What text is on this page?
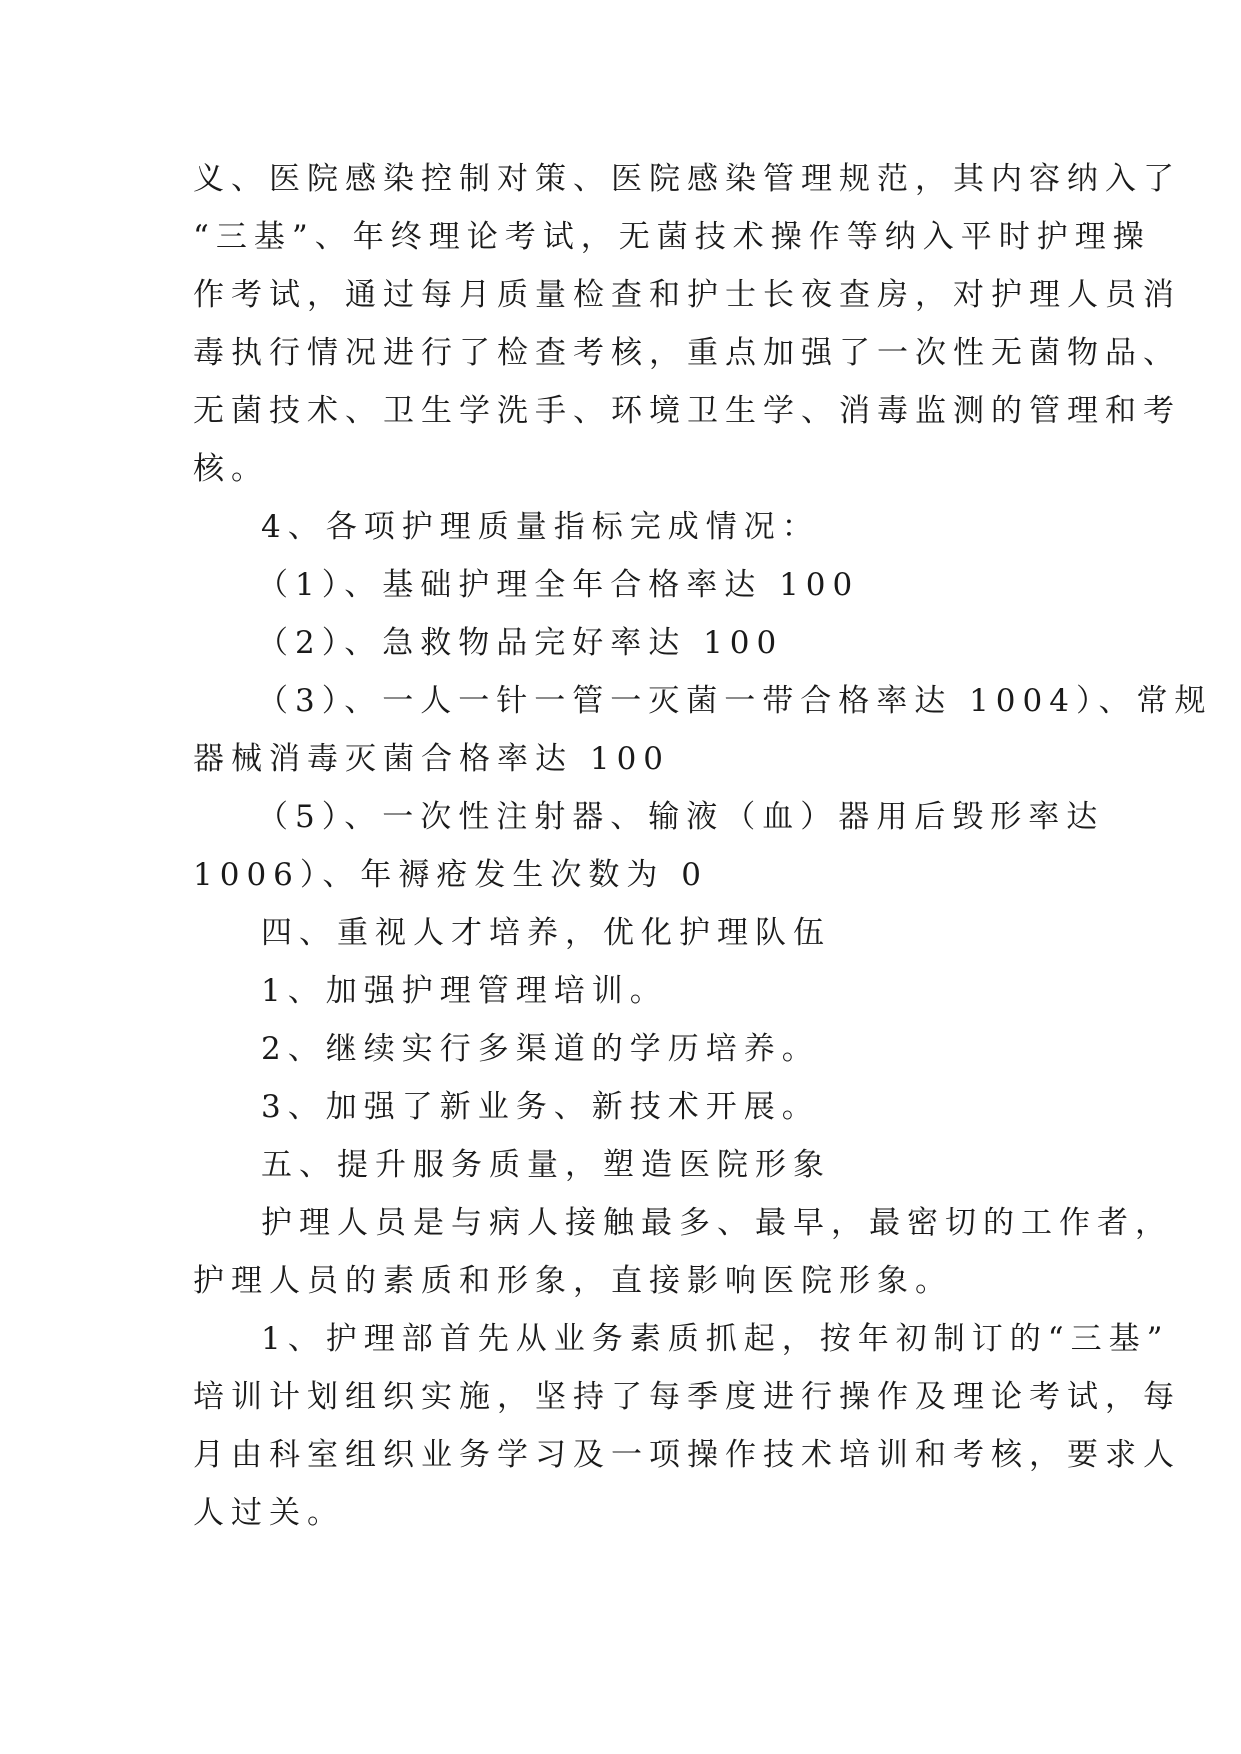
义、医院感染控制对策、医院感染管理规范，其内容纳入了
“三基”、年终理论考试，无菌技术操作等纳入平时护理操
作考试，通过每月质量检查和护士长夜查房，对护理人员消
毒执行情况进行了检查考核，重点加强了一次性无菌物品、
无菌技术、卫生学洗手、环境卫生学、消毒监测的管理和考
核。
4、各项护理质量指标完成情况：
（1）、基础护理全年合格率达 100
（2）、急救物品完好率达 100
（3）、一人一针一管一灭菌一带合格率达 1004）、常规
器械消毒灭菌合格率达 100
（5）、一次性注射器、输液（血）器用后毁形率达
1006）、年褥疮发生次数为 0
四、重视人才培养，优化护理队伍
1、加强护理管理培训。
2、继续实行多渠道的学历培养。
3、加强了新业务、新技术开展。
五、提升服务质量，塑造医院形象
护理人员是与病人接触最多、最早，最密切的工作者，
护理人员的素质和形象，直接影响医院形象。
1、护理部首先从业务素质抓起，按年初制订的“三基”
培训计划组织实施，坚持了每季度进行操作及理论考试，每
月由科室组织业务学习及一项操作技术培训和考核，要求人
人过关。
